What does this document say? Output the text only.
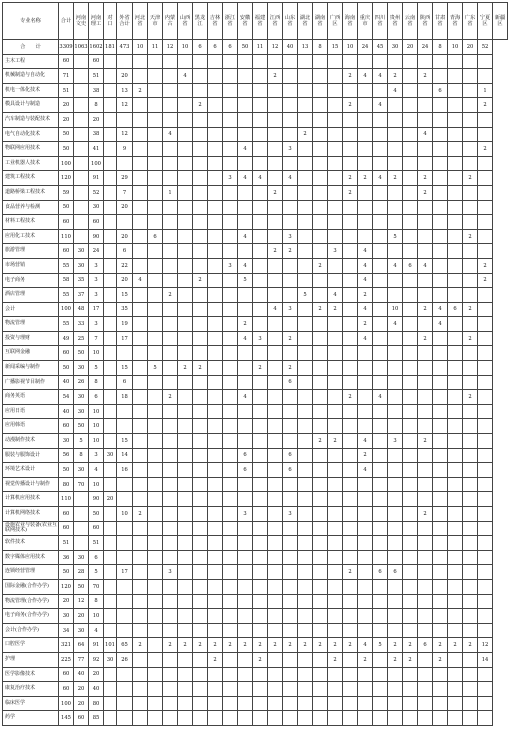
专业名称	合计	河南文史	河南理工	对口	外省合计	河北省	天津市	内蒙古	山西省	黑龙江	吉林省	浙江省	安徽省	福建省	江西省	山东省	湖北省	湖南省	广西区	海南省	重庆市	四川省	贵州省	云南省	陕西省	甘肃省	青海省	广东省	宁夏区	新疆区
合　　计	3309	1063	1602	181	473	10	11	12	10	6	6	6	50	11	12	40	13	8	15	10	24	45	30	20	24	8	10	20	52	
主木工程	60		60																											
机械制造与自动化	71		51		20				4						2					2	4	4	2		2					
机电一体化技术	51		38		13	2																	4			6			1	
模具设计与制造	20		8		12					2										2		4							2	
汽车制造与装配技术	20		20																											
电气自动化技术	50		38		12			4									2								4					
物联网应用技术	50		41		9								4			3													2	
工业机器人技术	100		100																											
建筑工程技术	120		91		29							3	4	4		4				2	2	4	2		2			2		
道路桥梁工程技术	59		52		7			1							2					2					2					
食品营养与检测	50		30		20																									
材料工程技术	60		60																											
应用化工技术	110		90		20		6						4			3							5					2		
旅游管理	60	30	24		6										2	2			3		4									
市场营销	55	30	3		22							3	4					2			4		4	6	4				2	
电子商务	58	35	3		20	4				2			5								4								2	
酒店管理	55	37	3		15			2									5		4		2									
会计	100	48	17		35										4	3		2	2		4		10		2	4	6	2		
物流管理	55	33	3		19								2								2		4			4				
投资与理财	49	25	7		17								4	3		2					4				2			2		
互联网金融	60	50	10																											
新闻采编与制作	50	30	5		15		5		2	2				2		2														
广播影视节目制作	40	26	8		6											6														
商务英语	54	30	6		18			2					4							2		4						2		
应用日语	40	30	10																											
应用韩语	60	50	10																											
动漫制作技术	30	5	10		15													2	2		4		3		2					
服装与服饰设计	56	8	3	30	14								6			6					2									
环境艺术设计	50	30	4		16								6			6					4									
视觉传播设计与制作	80	70	10																											
计算机应用技术	110		90	20																										
计算机网络技术	60		50		10	2							3			3									2					
设施农业与装备(农业互联网技术)	60		60																											
软件技术	51		51																											
数字媒体应用技术	36	30	6																											
连锁经营管理	50	28	5		17			3												2		6	6							
国际金融(合作办学)	120	50	70																											
物流管理(合作办学)	20	12	8																											
电子商务(合作办学)	30	20	10																											
会计(合作办学)	34	30	4																											
口腔医学	321	64	91	101	65	2		2	2	2	2	2	2	2	2	2	2	2	2	2	4	5	2	2	6	2	2	2	12	
护理	225	77	92	30	26						2			2					2		2		2	2		2			14	
医学影像技术	60	40	20																											
康复治疗技术	60	20	40																											
临床医学	100	20	80																											
药学	145	60	85																											
